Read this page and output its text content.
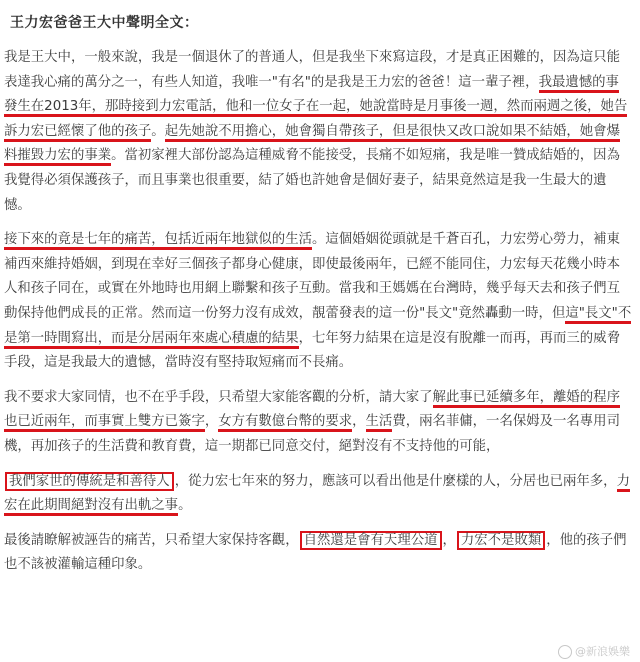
王力宏爸爸王大中聲明全文：

我是王大中，一般來說，我是一個退休了的普通人，但是我坐下來寫這段，才是真正困難的，因為這只能表達我心痛的萬分之一，有些人知道，我唯一"有名"的是我是王力宏的爸爸！這一輩子裡，我最遺憾的事發生在2013年，那時接到力宏電話，他和一位女子在一起，她說當時是月事後一週，然而兩週之後，她告訴力宏已經懷了他的孩子。起先她說不用擔心，她會獨自帶孩子，但是很快又改口說如果不結婚，她會爆料摧毀力宏的事業。當初家裡大部份認為這種威脅不能接受，長痛不如短痛，我是唯一贊成結婚的，因為我覺得必須保護孩子，而且事業也很重要，結了婚也許她會是個好妻子，結果竟然這是我一生最大的遺憾。

接下來的竟是七年的痛苦，包括近兩年地獄似的生活。這個婚姻從頭就是千蒼百孔，力宏勞心勞力，補東補西來維持婚姻，到現在幸好三個孩子都身心健康，即使最後兩年，已經不能同住，力宏每天花幾小時本人和孩子同在，或實在外地時也用網上聯繫和孩子互動。當我和王媽媽在台灣時，幾乎每天去和孩子們互動保持他們成長的正常。然而這一份努力沒有成效，靚蕾發表的這一份"長文"竟然轟動一時，但這"長文"不是第一時間寫出，而是分居兩年來處心積慮的結果，七年努力結果在這是沒有脫離一而再，再而三的威脅手段，這是我最大的遺憾，當時沒有堅持取短痛而不長痛。

我不要求大家同情，也不在乎手段，只希望大家能客觀的分析，請大家了解此事已延續多年，離婚的程序也已近兩年，而事實上雙方已簽字，女方有數億台幣的要求，生活費，兩名菲傭，一名保姆及一名專用司機，再加孩子的生活費和教育費，這一期都已同意交付，絕對沒有不支持他的可能，

我們家世的傳統是和善待人 ，從力宏七年來的努力，應該可以看出他是什麼樣的人，分居也已兩年多，力宏在此期間絕對沒有出軌之事。

最後請瞭解被誣告的痛苦，只希望大家保持客觀， 自然還是會有天理公道 ， 力宏不是敗類 ，他的孩子們也不該被灌輸這種印象。

@新浪娛樂
